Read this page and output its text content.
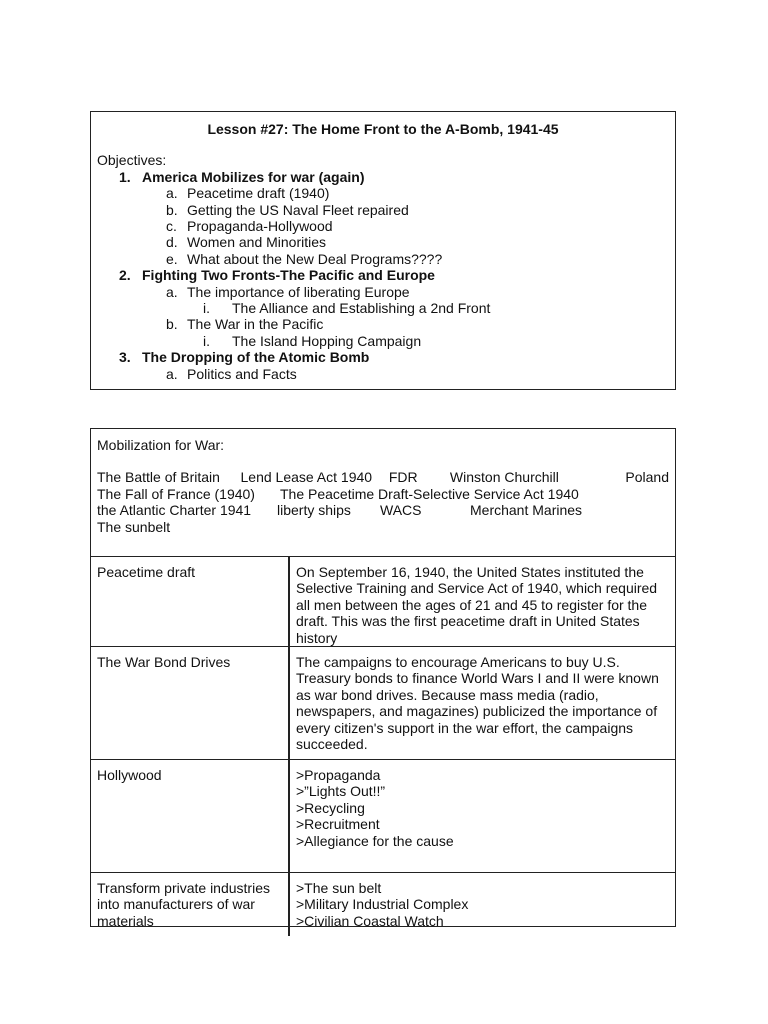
Lesson #27: The Home Front to the A-Bomb, 1941-45
Objectives:
1. America Mobilizes for war (again)
a. Peacetime draft (1940)
b. Getting the US Naval Fleet repaired
c. Propaganda-Hollywood
d. Women and Minorities
e. What about the New Deal Programs????
2. Fighting Two Fronts-The Pacific and Europe
a. The importance of liberating Europe
i. The Alliance and Establishing a 2nd Front
b. The War in the Pacific
i. The Island Hopping Campaign
3. The Dropping of the Atomic Bomb
a. Politics and Facts
Mobilization for War:
The Battle of Britain	Lend Lease Act 1940	FDR	Winston Churchill	Poland
The Fall of France (1940)	The Peacetime Draft-Selective Service Act 1940
the Atlantic Charter 1941	liberty ships	WACS	Merchant Marines
The sunbelt
Peacetime draft	On September 16, 1940, the United States instituted the Selective Training and Service Act of 1940, which required all men between the ages of 21 and 45 to register for the draft. This was the first peacetime draft in United States history
The War Bond Drives	The campaigns to encourage Americans to buy U.S. Treasury bonds to finance World Wars I and II were known as war bond drives. Because mass media (radio, newspapers, and magazines) publicized the importance of every citizen's support in the war effort, the campaigns succeeded.
Hollywood	>Propaganda
>”Lights Out!!”
>Recycling
>Recruitment
>Allegiance for the cause

Transform private industries into manufacturers of war materials	>The sun belt
>Military Industrial Complex
>Civilian Coastal Watch
